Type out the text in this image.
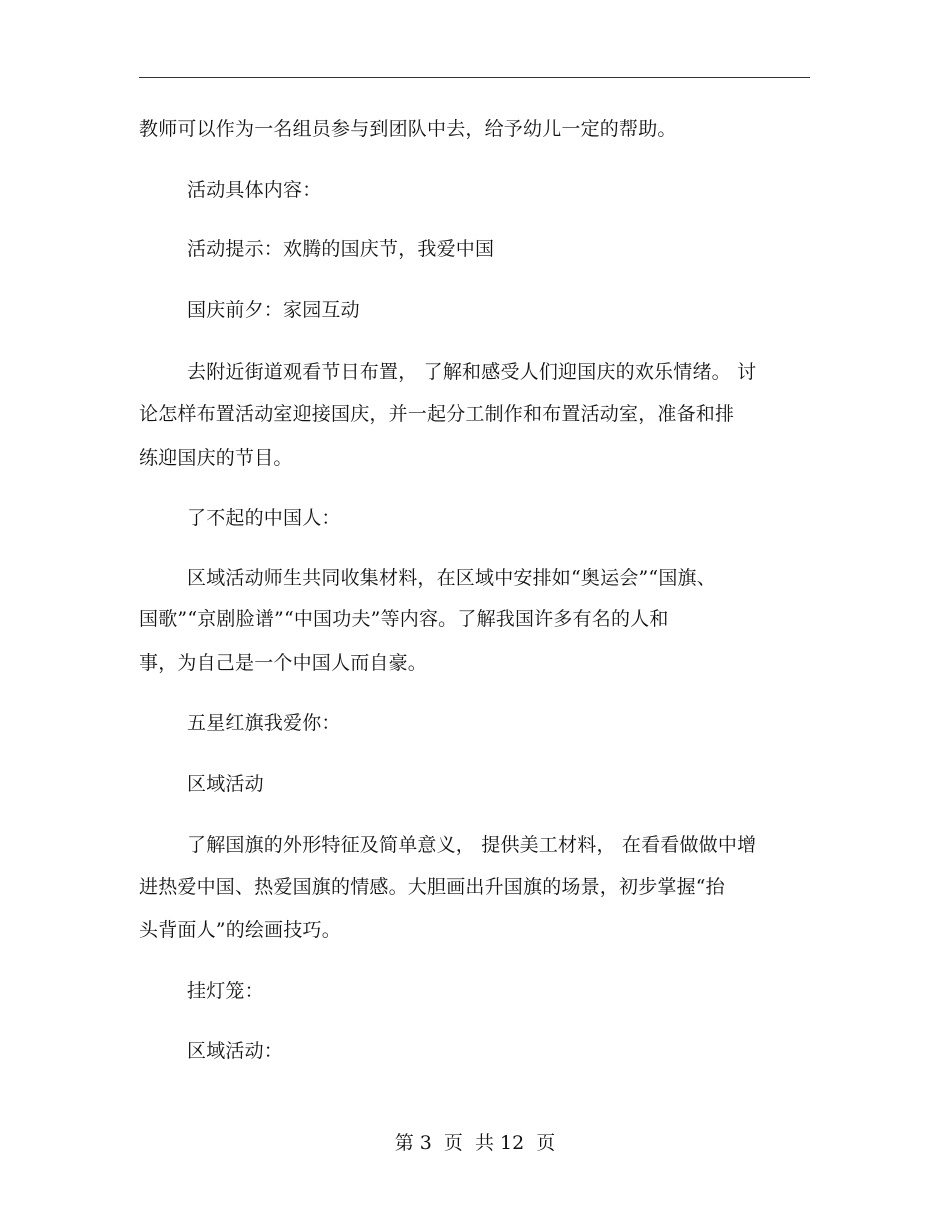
教师可以作为一名组员参与到团队中去，给予幼儿一定的帮助。
活动具体内容：
活动提示：欢腾的国庆节，我爱中国
国庆前夕：家园互动
去附近街道观看节日布置， 了解和感受人们迎国庆的欢乐情绪。 讨
论怎样布置活动室迎接国庆，并一起分工制作和布置活动室，准备和排
练迎国庆的节目。
了不起的中国人：
区域活动师生共同收集材料，在区域中安排如“奥运会”“国旗、
国歌”“京剧脸谱”“中国功夫”等内容。了解我国许多有名的人和
事，为自己是一个中国人而自豪。
五星红旗我爱你：
区域活动
了解国旗的外形特征及简单意义， 提供美工材料， 在看看做做中增
进热爱中国、热爱国旗的情感。大胆画出升国旗的场景，初步掌握“抬
头背面人”的绘画技巧。
挂灯笼：
区域活动：
第 3  页  共 12  页
